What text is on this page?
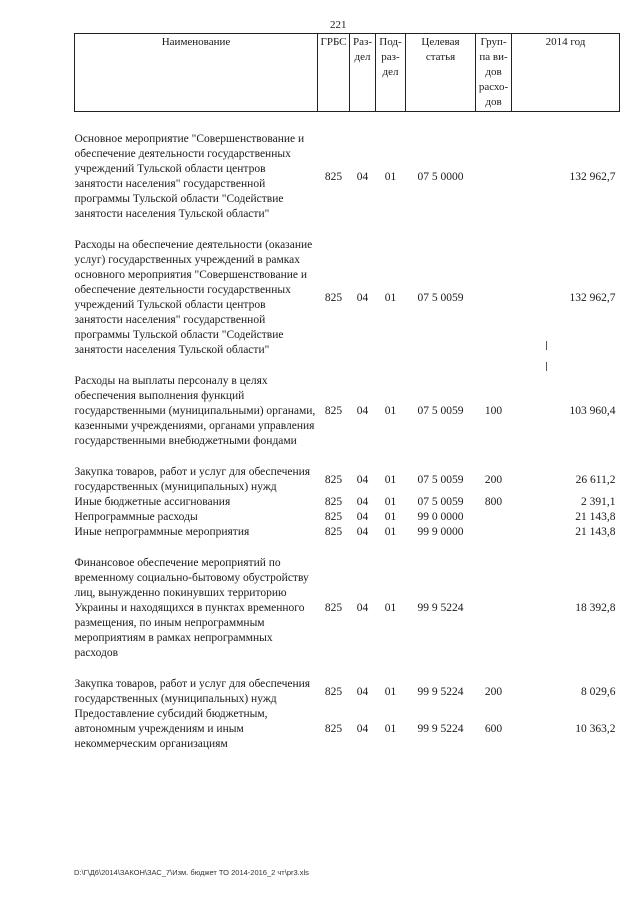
221
Наименование	ГРБС	Раз-дел	Под-раз-дел	Целевая статья	Груп-па ви-дов расхо-дов	2014 год

Основное мероприятие "Совершенствование и обеспечение деятельности государственных учреждений Тульской области центров занятости населения" государственной программы Тульской области "Содействие занятости населения Тульской области"	825	04	01	07 5 0000		132 962,7

Расходы на обеспечение деятельности (оказание услуг) государственных учреждений в рамках основного мероприятия "Совершенствование и обеспечение деятельности государственных учреждений Тульской области центров занятости населения" государственной программы Тульской области "Содействие занятости населения Тульской области"	825	04	01	07 5 0059		132 962,7

Расходы на выплаты персоналу в целях обеспечения выполнения функций государственными (муниципальными) органами, казенными учреждениями, органами управления государственными внебюджетными фондами	825	04	01	07 5 0059	100	103 960,4

Закупка товаров, работ и услуг для обеспечения государственных (муниципальных) нужд	825	04	01	07 5 0059	200	26 611,2
Иные бюджетные ассигнования	825	04	01	07 5 0059	800	2 391,1
Непрограммные расходы	825	04	01	99 0 0000		21 143,8
Иные непрограммные мероприятия	825	04	01	99 9 0000		21 143,8

Финансовое обеспечение мероприятий по временному социально-бытовому обустройству лиц, вынужденно покинувших территорию Украины и находящихся в пунктах временного размещения, по иным непрограммным мероприятиям в рамках непрограммных расходов	825	04	01	99 9 5224		18 392,8

Закупка товаров, работ и услуг для обеспечения государственных (муниципальных) нужд	825	04	01	99 9 5224	200	8 029,6
Предоставление субсидий бюджетным, автономным учреждениям и иным некоммерческим организациям	825	04	01	99 9 5224	600	10 363,2
D:\Г\Д6\2014\ЗАКОН\ЗАС_7\Изм. бюджет ТО 2014-2016_2 чт\pr3.xls
